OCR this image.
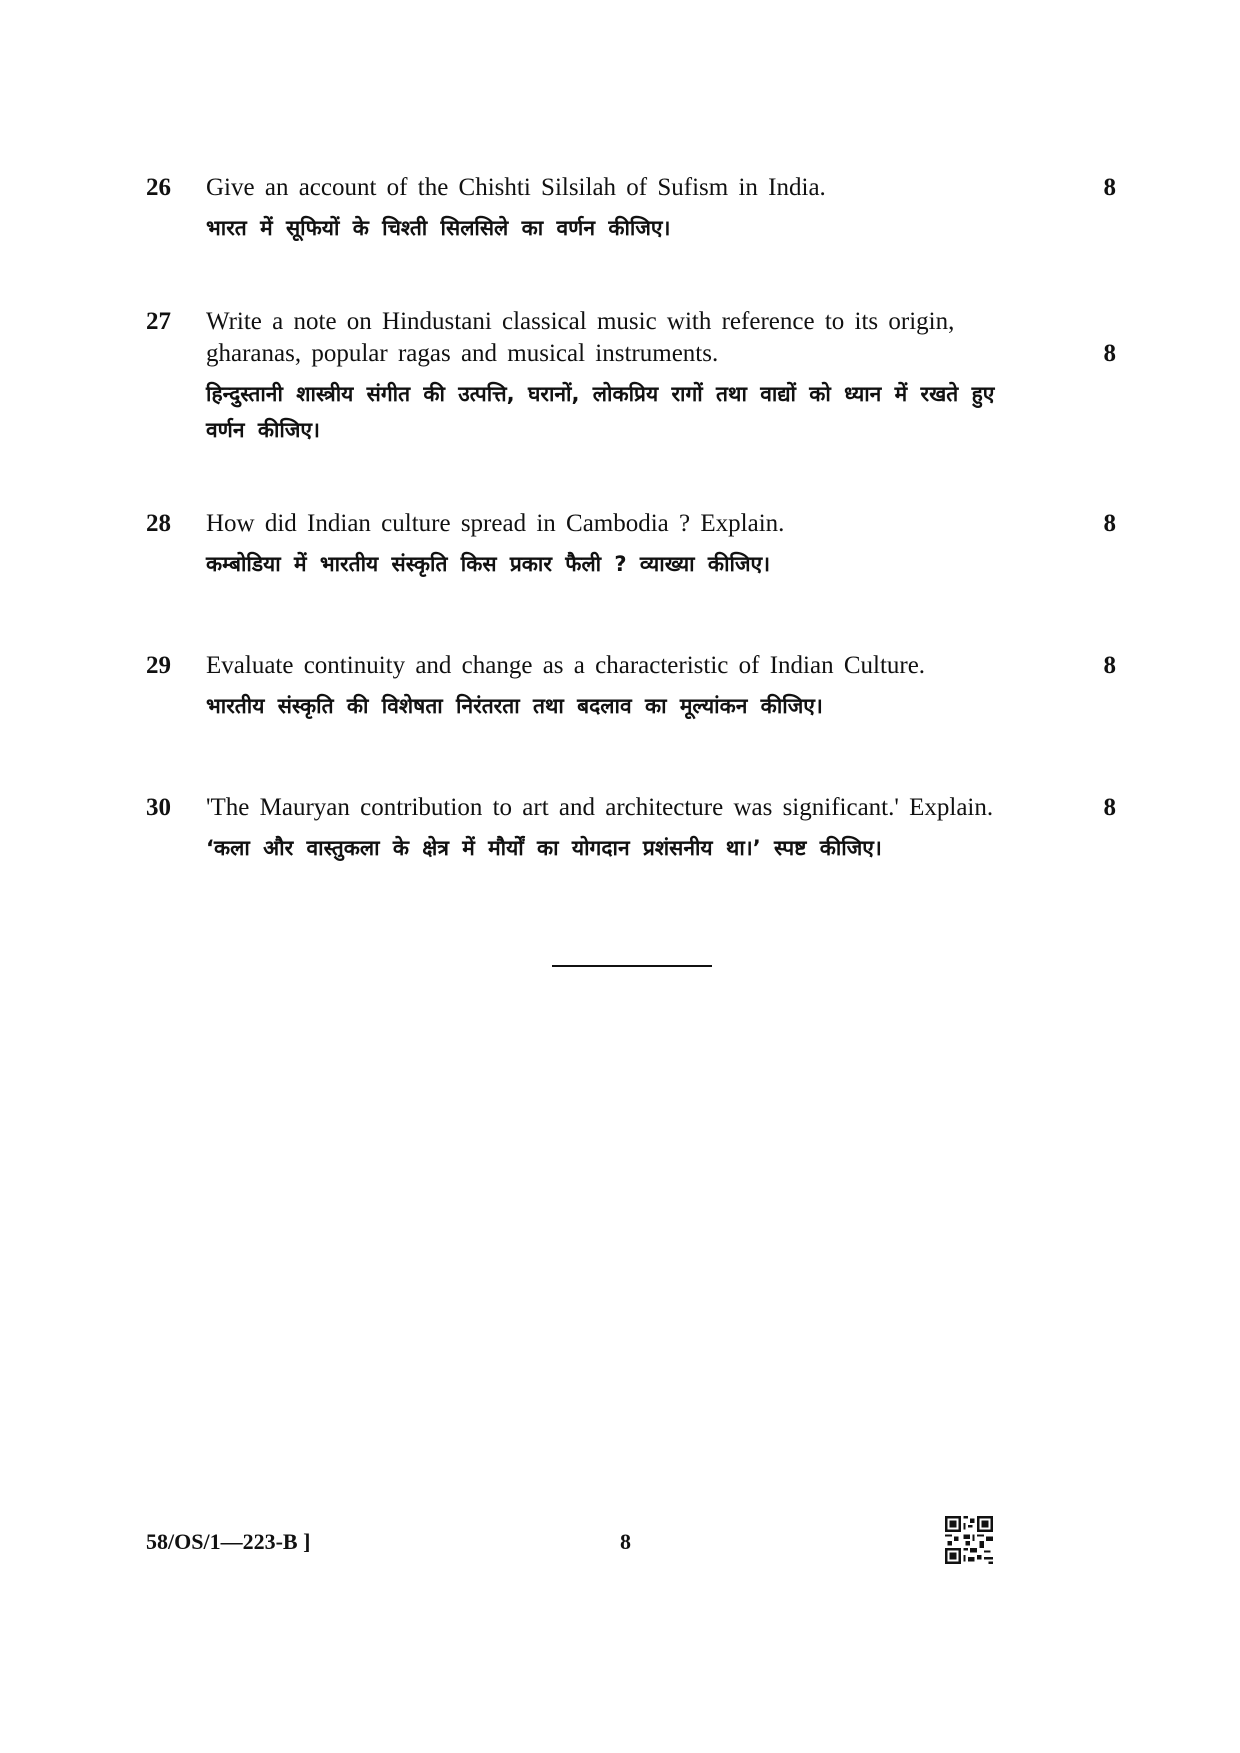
26 Give an account of the Chishti Silsilah of Sufism in India.
भारत में सूफियों के चिश्ती सिलसिले का वर्णन कीजिए।
8
27 Write a note on Hindustani classical music with reference to its origin, gharanas, popular ragas and musical instruments.
हिन्दुस्तानी शास्त्रीय संगीत की उत्पत्ति, घरानों, लोकप्रिय रागों तथा वाद्यों को ध्यान में रखते हुए वर्णन कीजिए।
8
28 How did Indian culture spread in Cambodia ? Explain.
कम्बोडिया में भारतीय संस्कृति किस प्रकार फैली ? व्याख्या कीजिए।
8
29 Evaluate continuity and change as a characteristic of Indian Culture.
भारतीय संस्कृति की विशेषता निरंतरता तथा बदलाव का मूल्यांकन कीजिए।
8
30 'The Mauryan contribution to art and architecture was significant.' Explain.
‘कला और वास्तुकला के क्षेत्र में मौर्यों का योगदान प्रशंसनीय था।’ स्पष्ट कीजिए।
8
58/OS/1—223-B ]	8
